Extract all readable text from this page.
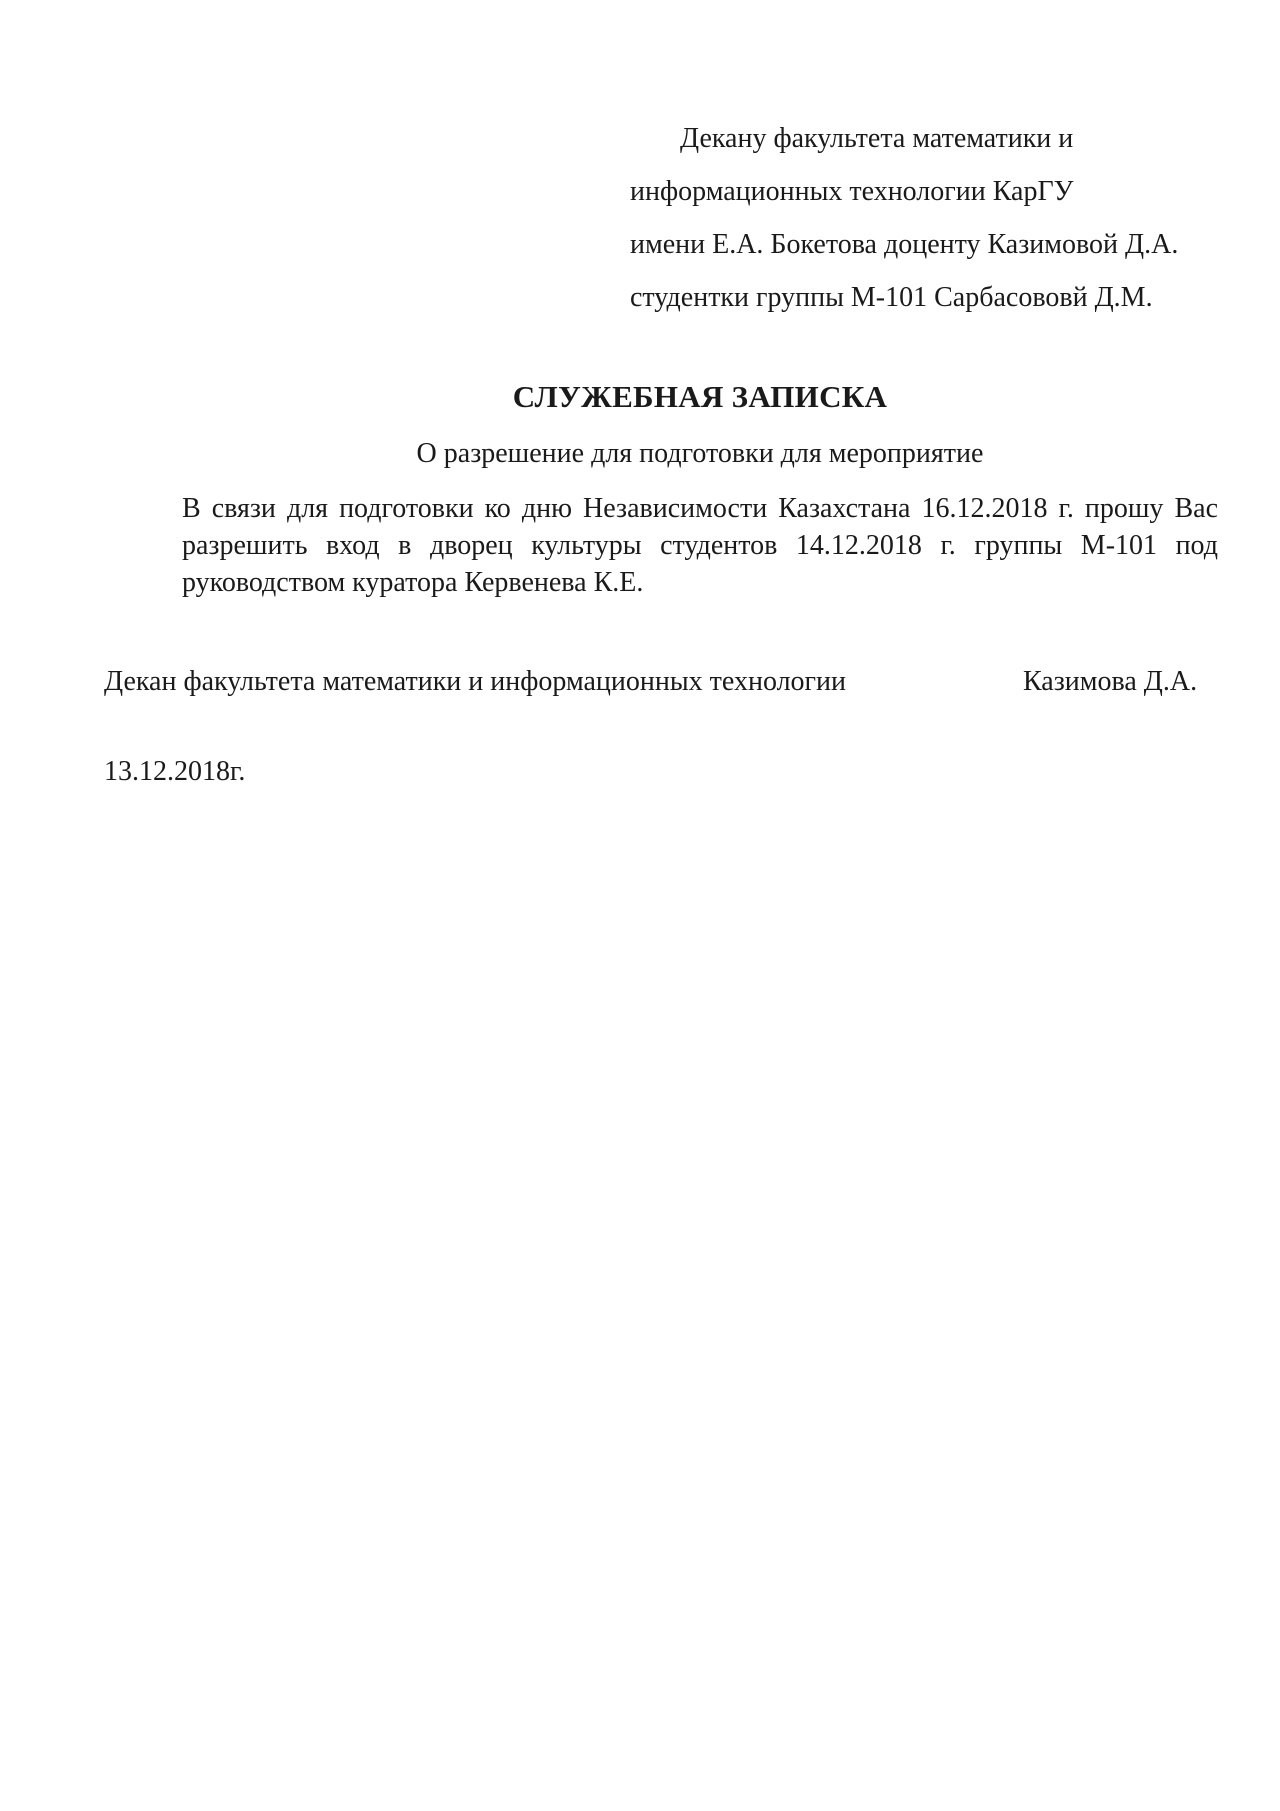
Декану факультета математики и
информационных технологии КарГУ
имени Е.А. Бокетова доценту Казимовой Д.А.
студентки группы М-101 Сарбасововй Д.М.
СЛУЖЕБНАЯ ЗАПИСКА
О разрешение для подготовки для мероприятие
В связи для подготовки ко дню Независимости Казахстана 16.12.2018 г. прошу Вас разрешить вход в дворец культуры студентов 14.12.2018 г. группы М-101 под руководством куратора Кервенева К.Е.
Декан факультета математики и информационных технологии	Казимова Д.А.
13.12.2018г.
